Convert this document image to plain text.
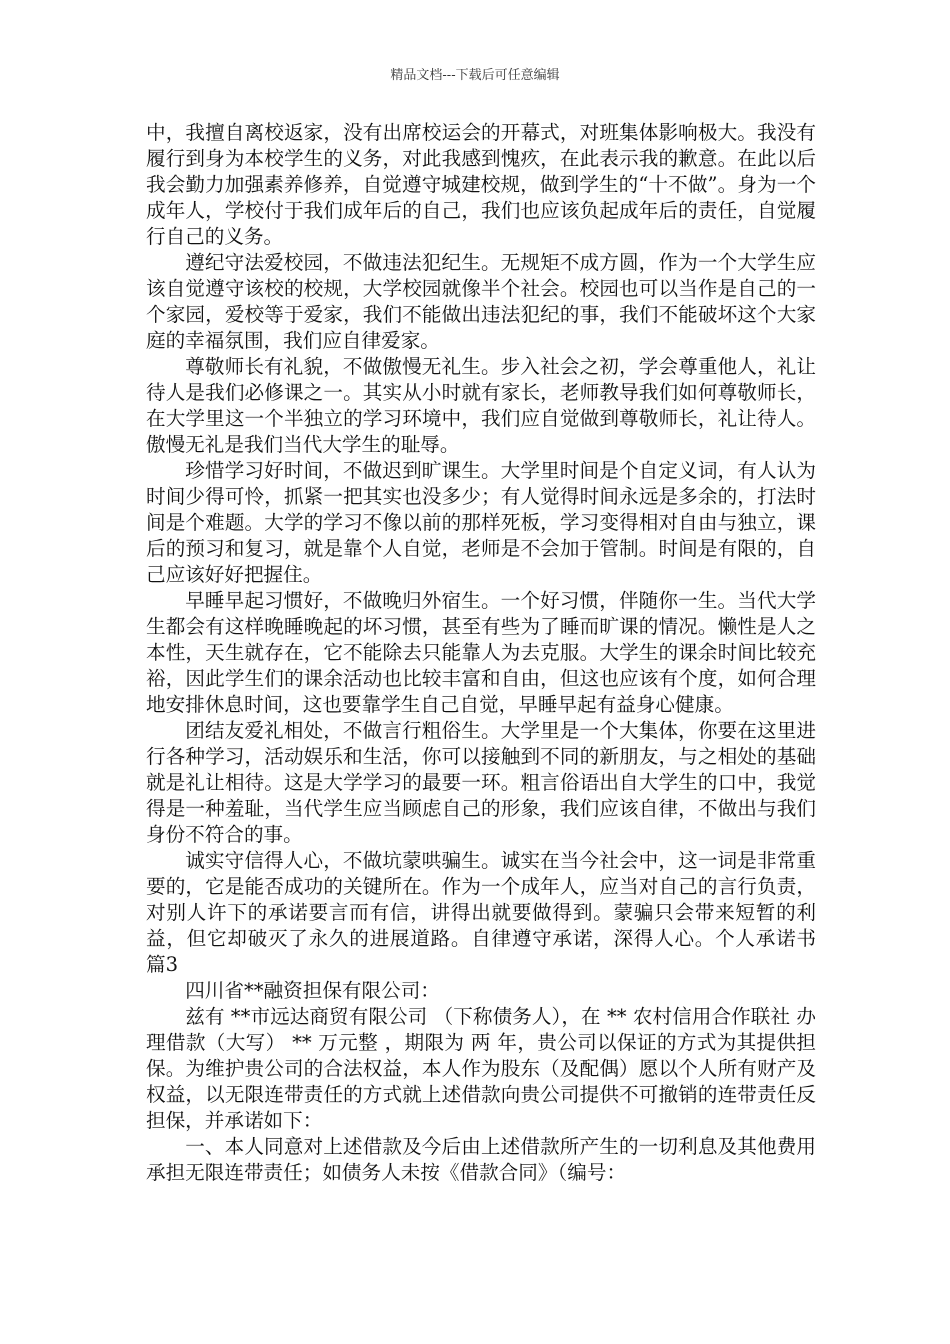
精品文档---下载后可任意编辑

中，我擅自离校返家，没有出席校运会的开幕式，对班集体影响极大。我没有履行到身为本校学生的义务，对此我感到愧疚，在此表示我的歉意。在此以后我会勤力加强素养修养，自觉遵守城建校规，做到学生的“十不做”。身为一个成年人，学校付于我们成年后的自己，我们也应该负起成年后的责任，自觉履行自己的义务。

遵纪守法爱校园，不做违法犯纪生。无规矩不成方圆，作为一个大学生应该自觉遵守该校的校规，大学校园就像半个社会。校园也可以当作是自己的一个家园，爱校等于爱家，我们不能做出违法犯纪的事，我们不能破坏这个大家庭的幸福氛围，我们应自律爱家。

尊敬师长有礼貌，不做傲慢无礼生。步入社会之初，学会尊重他人，礼让待人是我们必修课之一。其实从小时就有家长，老师教导我们如何尊敬师长，在大学里这一个半独立的学习环境中，我们应自觉做到尊敬师长，礼让待人。傲慢无礼是我们当代大学生的耻辱。

珍惜学习好时间，不做迟到旷课生。大学里时间是个自定义词，有人认为时间少得可怜，抓紧一把其实也没多少；有人觉得时间永远是多余的，打法时间是个难题。大学的学习不像以前的那样死板，学习变得相对自由与独立，课后的预习和复习，就是靠个人自觉，老师是不会加于管制。时间是有限的，自己应该好好把握住。

早睡早起习惯好，不做晚归外宿生。一个好习惯，伴随你一生。当代大学生都会有这样晚睡晚起的坏习惯，甚至有些为了睡而旷课的情况。懒性是人之本性，天生就存在，它不能除去只能靠人为去克服。大学生的课余时间比较充裕，因此学生们的课余活动也比较丰富和自由，但这也应该有个度，如何合理地安排休息时间，这也要靠学生自己自觉，早睡早起有益身心健康。

团结友爱礼相处，不做言行粗俗生。大学里是一个大集体，你要在这里进行各种学习，活动娱乐和生活，你可以接触到不同的新朋友，与之相处的基础就是礼让相待。这是大学学习的最要一环。粗言俗语出自大学生的口中，我觉得是一种羞耻，当代学生应当顾虑自己的形象，我们应该自律，不做出与我们身份不符合的事。

诚实守信得人心，不做坑蒙哄骗生。诚实在当今社会中，这一词是非常重要的，它是能否成功的关键所在。作为一个成年人，应当对自己的言行负责，对别人许下的承诺要言而有信，讲得出就要做得到。蒙骗只会带来短暂的利益，但它却破灭了永久的进展道路。自律遵守承诺，深得人心。个人承诺书 篇3

四川省**融资担保有限公司：

兹有 **市远达商贸有限公司 （下称债务人），在 ** 农村信用合作联社 办理借款（大写） ** 万元整 ，期限为 两 年，贵公司以保证的方式为其提供担保。为维护贵公司的合法权益，本人作为股东（及配偶）愿以个人所有财产及权益，以无限连带责任的方式就上述借款向贵公司提供不可撤销的连带责任反担保，并承诺如下：

一、本人同意对上述借款及今后由上述借款所产生的一切利息及其他费用承担无限连带责任；如债务人未按《借款合同》（编号：
